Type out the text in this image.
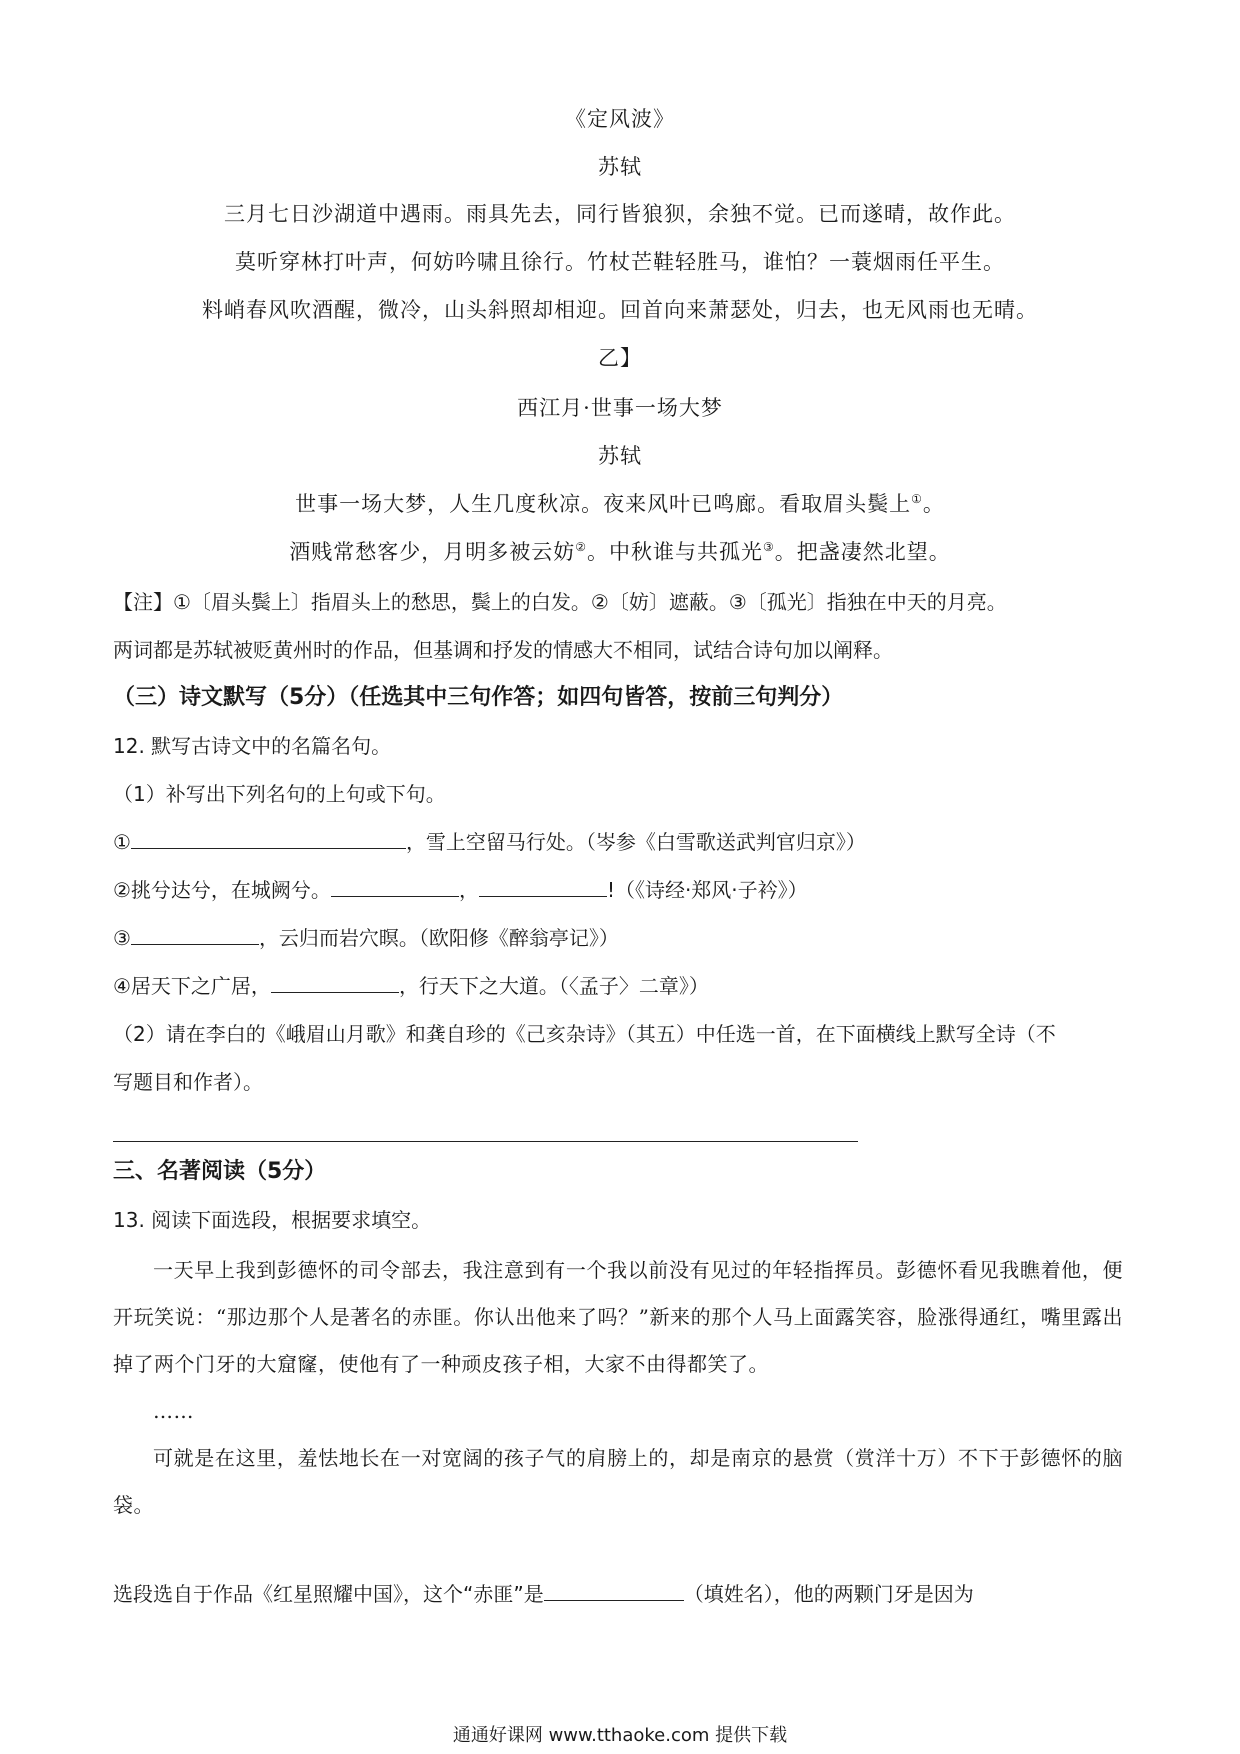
《定风波》
苏轼
三月七日沙湖道中遇雨。雨具先去，同行皆狼狈，余独不觉。已而遂晴，故作此。
莫听穿林打叶声，何妨吟啸且徐行。竹杖芒鞋轻胜马，谁怕？一蓑烟雨任平生。
料峭春风吹酒醒，微冷，山头斜照却相迎。回首向来萧瑟处，归去，也无风雨也无晴。
乙】
西江月·世事一场大梦
苏轼
世事一场大梦，人生几度秋凉。夜来风叶已鸣廊。看取眉头鬓上①。
酒贱常愁客少，月明多被云妨②。中秋谁与共孤光③。把盏凄然北望。
【注】①〔眉头鬓上〕指眉头上的愁思，鬓上的白发。②〔妨〕遮蔽。③〔孤光〕指独在中天的月亮。
两词都是苏轼被贬黄州时的作品，但基调和抒发的情感大不相同，试结合诗句加以阐释。
（三）诗文默写（5分）（任选其中三句作答；如四句皆答，按前三句判分）
12. 默写古诗文中的名篇名句。
（1）补写出下列名句的上句或下句。
①	，雪上空留马行处。（岑参《白雪歌送武判官归京》）
②挑兮达兮，在城阙兮。	，	!（《诗经·郑风·子衿》）
③	，云归而岩穴暝。（欧阳修《醉翁亭记》）
④居天下之广居，	，行天下之大道。（〈孟子〉二章》）
（2）请在李白的《峨眉山月歌》和龚自珍的《己亥杂诗》（其五）中任选一首，在下面横线上默写全诗（不
写题目和作者）。
三、名著阅读（5分）
13. 阅读下面选段，根据要求填空。

一天早上我到彭德怀的司令部去，我注意到有一个我以前没有见过的年轻指挥员。彭德怀看见我瞧着他，便开玩笑说：“那边那个人是著名的赤匪。你认出他来了吗？”新来的那个人马上面露笑容，脸涨得通红，嘴里露出掉了两个门牙的大窟窿，使他有了一种顽皮孩子相，大家不由得都笑了。

……

可就是在这里，羞怯地长在一对宽阔的孩子气的肩膀上的，却是南京的悬赏（赏洋十万）不下于彭德怀的脑袋。

选段选自于作品《红星照耀中国》，这个“赤匪”是	（填姓名），他的两颗门牙是因为
通通好课网 www.tthaoke.com 提供下载
